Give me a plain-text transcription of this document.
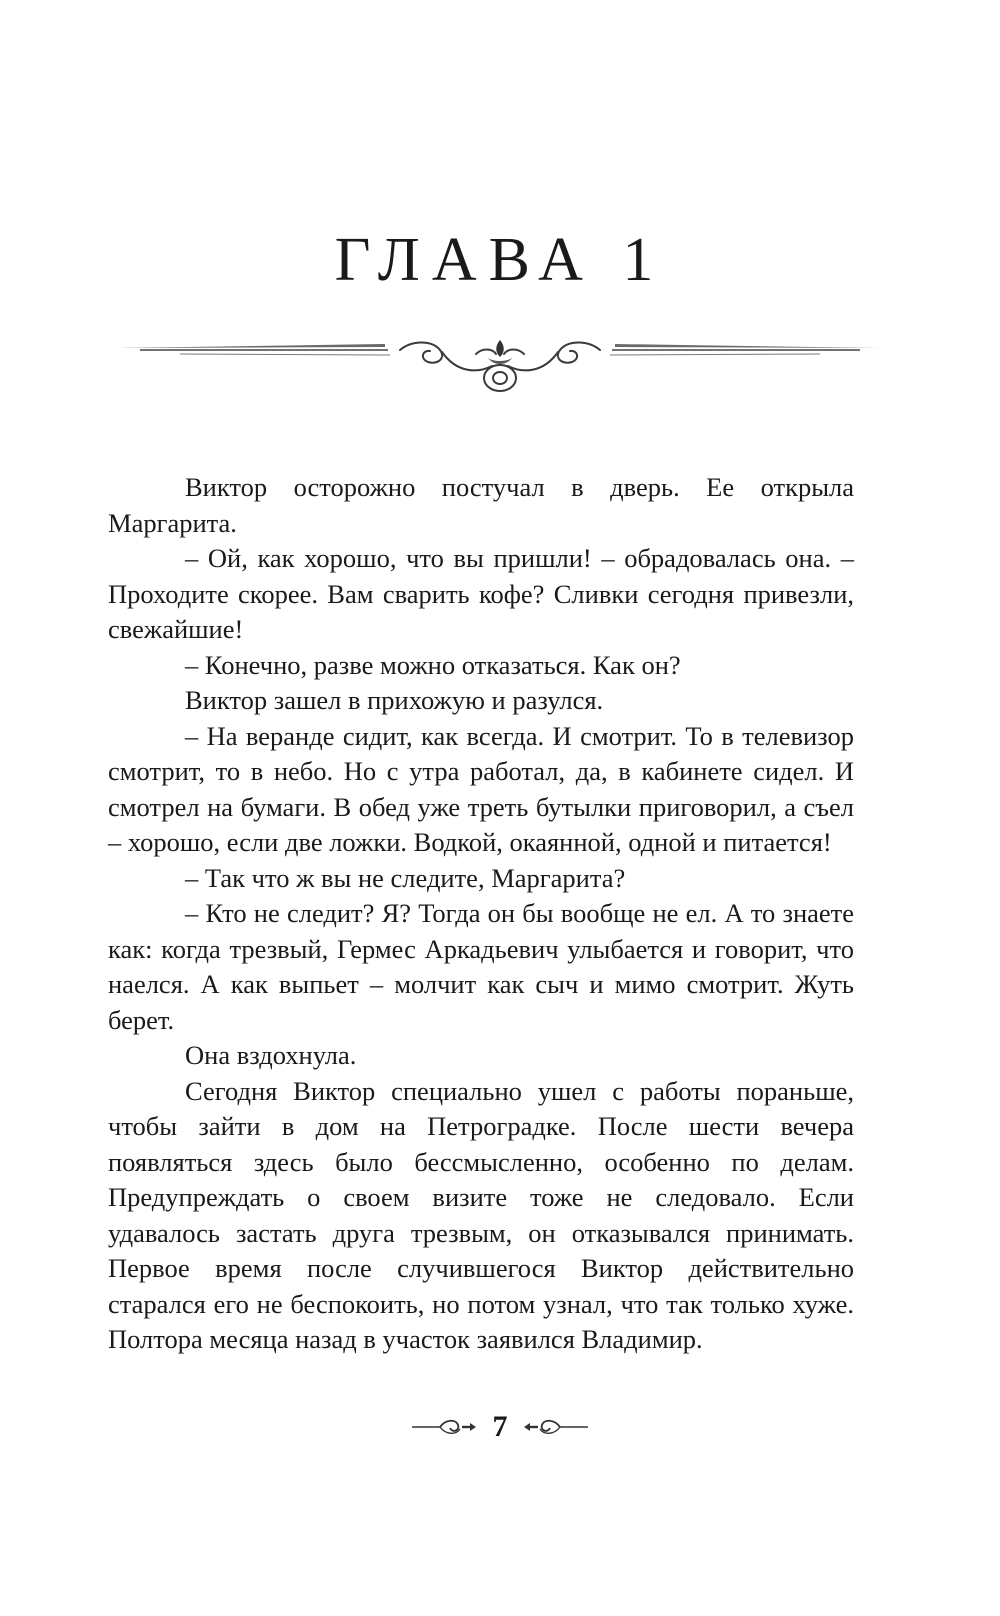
ГЛАВА 1

Виктор осторожно постучал в дверь. Ее открыла Маргарита.

– Ой, как хорошо, что вы пришли! – обрадовалась она. – Проходите скорее. Вам сварить кофе? Сливки сегодня привезли, свежайшие!

– Конечно, разве можно отказаться. Как он?

Виктор зашел в прихожую и разулся.

– На веранде сидит, как всегда. И смотрит. То в телевизор смотрит, то в небо. Но с утра работал, да, в кабинете сидел. И смотрел на бумаги. В обед уже треть бутылки приговорил, а съел – хорошо, если две ложки. Водкой, окаянной, одной и питается!

– Так что ж вы не следите, Маргарита?

– Кто не следит? Я? Тогда он бы вообще не ел. А то знаете как: когда трезвый, Гермес Аркадьевич улыбается и говорит, что наелся. А как выпьет – молчит как сыч и мимо смотрит. Жуть берет.

Она вздохнула.

Сегодня Виктор специально ушел с работы пораньше, чтобы зайти в дом на Петроградке. После шести вечера появляться здесь было бессмысленно, особенно по делам. Предупреждать о своем визите тоже не следовало. Если удавалось застать друга трезвым, он отказывался принимать. Первое время после случившегося Виктор действительно старался его не беспокоить, но потом узнал, что так только хуже. Полтора месяца назад в участок заявился Владимир.

7
